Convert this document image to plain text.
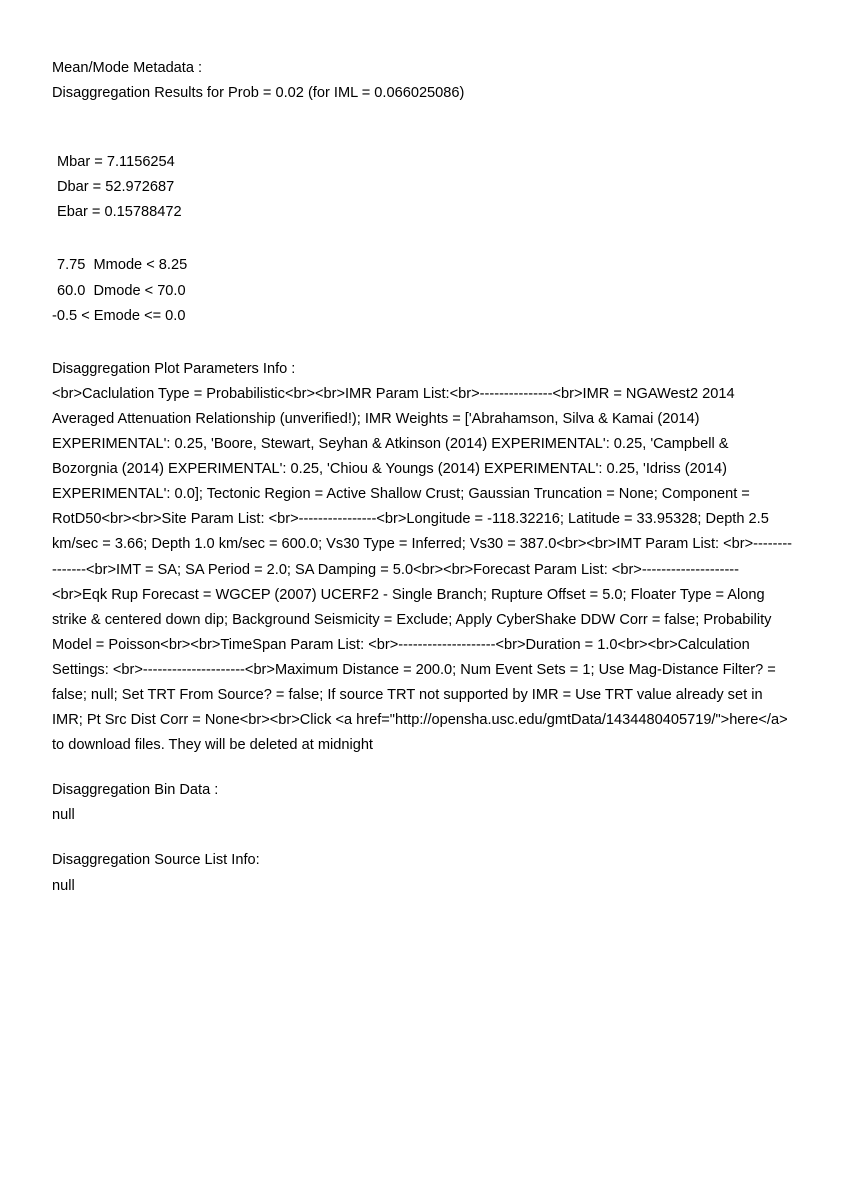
Mean/Mode Metadata :
Disaggregation Results for Prob = 0.02 (for IML = 0.066025086)
Mbar = 7.1156254
Dbar = 52.972687
Ebar = 0.15788472
7.75  Mmode < 8.25
60.0  Dmode < 70.0
-0.5 < Emode <= 0.0
Disaggregation Plot Parameters Info :
<br>Caclulation Type = Probabilistic<br><br>IMR Param List:<br>---------------<br>IMR = NGAWest2 2014 Averaged Attenuation Relationship (unverified!); IMR Weights = ['Abrahamson, Silva & Kamai (2014) EXPERIMENTAL': 0.25, 'Boore, Stewart, Seyhan & Atkinson (2014) EXPERIMENTAL': 0.25, 'Campbell & Bozorgnia (2014) EXPERIMENTAL': 0.25, 'Chiou & Youngs (2014) EXPERIMENTAL': 0.25, 'Idriss (2014) EXPERIMENTAL': 0.0]; Tectonic Region = Active Shallow Crust; Gaussian Truncation = None; Component = RotD50<br><br>Site Param List: <br>----------------<br>Longitude = -118.32216; Latitude = 33.95328; Depth 2.5 km/sec = 3.66; Depth 1.0 km/sec = 600.0; Vs30 Type = Inferred; Vs30 = 387.0<br><br>IMT Param List: <br>---------------<br>IMT = SA; SA Period = 2.0; SA Damping = 5.0<br><br>Forecast Param List: <br>--------------------<br>Eqk Rup Forecast = WGCEP (2007) UCERF2 - Single Branch; Rupture Offset = 5.0; Floater Type = Along strike & centered down dip; Background Seismicity = Exclude; Apply CyberShake DDW Corr = false; Probability Model = Poisson<br><br>TimeSpan Param List: <br>--------------------<br>Duration = 1.0<br><br>Calculation Settings: <br>---------------------<br>Maximum Distance = 200.0; Num Event Sets = 1; Use Mag-Distance Filter? = false; null; Set TRT From Source? = false; If source TRT not supported by IMR = Use TRT value already set in IMR; Pt Src Dist Corr = None<br><br>Click <a href="http://opensha.usc.edu/gmtData/1434480405719/">here</a> to download files. They will be deleted at midnight
Disaggregation Bin Data :
null
Disaggregation Source List Info:
null
